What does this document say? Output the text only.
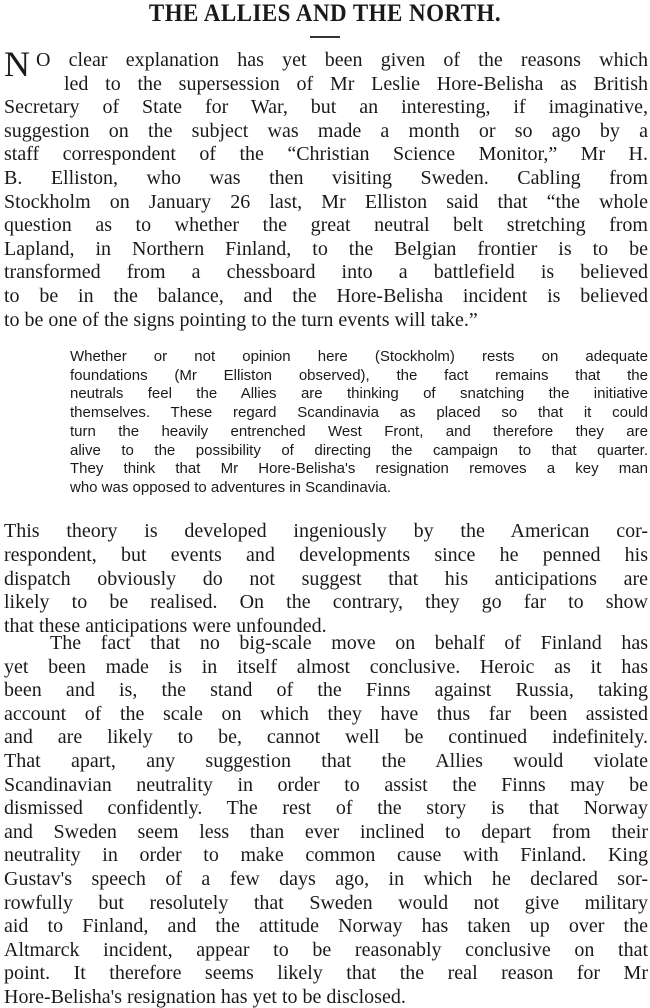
THE ALLIES AND THE NORTH.
N O clear explanation has yet been given of the reasons which
led to the supersession of Mr Leslie Hore-Belisha as British
Secretary of State for War, but an interesting, if imaginative,
suggestion on the subject was made a month or so ago by a
staff correspondent of the “Christian Science Monitor,” Mr H.
B. Elliston, who was then visiting Sweden. Cabling from
Stockholm on January 26 last, Mr Elliston said that “the whole
question as to whether the great neutral belt stretching from
Lapland, in Northern Finland, to the Belgian frontier is to be
transformed from a chessboard into a battlefield is believed
to be in the balance, and the Hore-Belisha incident is believed
to be one of the signs pointing to the turn events will take.”
Whether or not opinion here (Stockholm) rests on adequate
foundations (Mr Elliston observed), the fact remains that the
neutrals feel the Allies are thinking of snatching the initiative
themselves. These regard Scandinavia as placed so that it could
turn the heavily entrenched West Front, and therefore they are
alive to the possibility of directing the campaign to that quarter.
They think that Mr Hore-Belisha's resignation removes a key man
who was opposed to adventures in Scandinavia.
This theory is developed ingeniously by the American cor-
respondent, but events and developments since he penned his
dispatch obviously do not suggest that his anticipations are
likely to be realised. On the contrary, they go far to show
that these anticipations were unfounded.
The fact that no big-scale move on behalf of Finland has
yet been made is in itself almost conclusive. Heroic as it has
been and is, the stand of the Finns against Russia, taking
account of the scale on which they have thus far been assisted
and are likely to be, cannot well be continued indefinitely.
That apart, any suggestion that the Allies would violate
Scandinavian neutrality in order to assist the Finns may be
dismissed confidently. The rest of the story is that Norway
and Sweden seem less than ever inclined to depart from their
neutrality in order to make common cause with Finland. King
Gustav's speech of a few days ago, in which he declared sor-
rowfully but resolutely that Sweden would not give military
aid to Finland, and the attitude Norway has taken up over the
Altmarck incident, appear to be reasonably conclusive on that
point. It therefore seems likely that the real reason for Mr
Hore-Belisha's resignation has yet to be disclosed.
